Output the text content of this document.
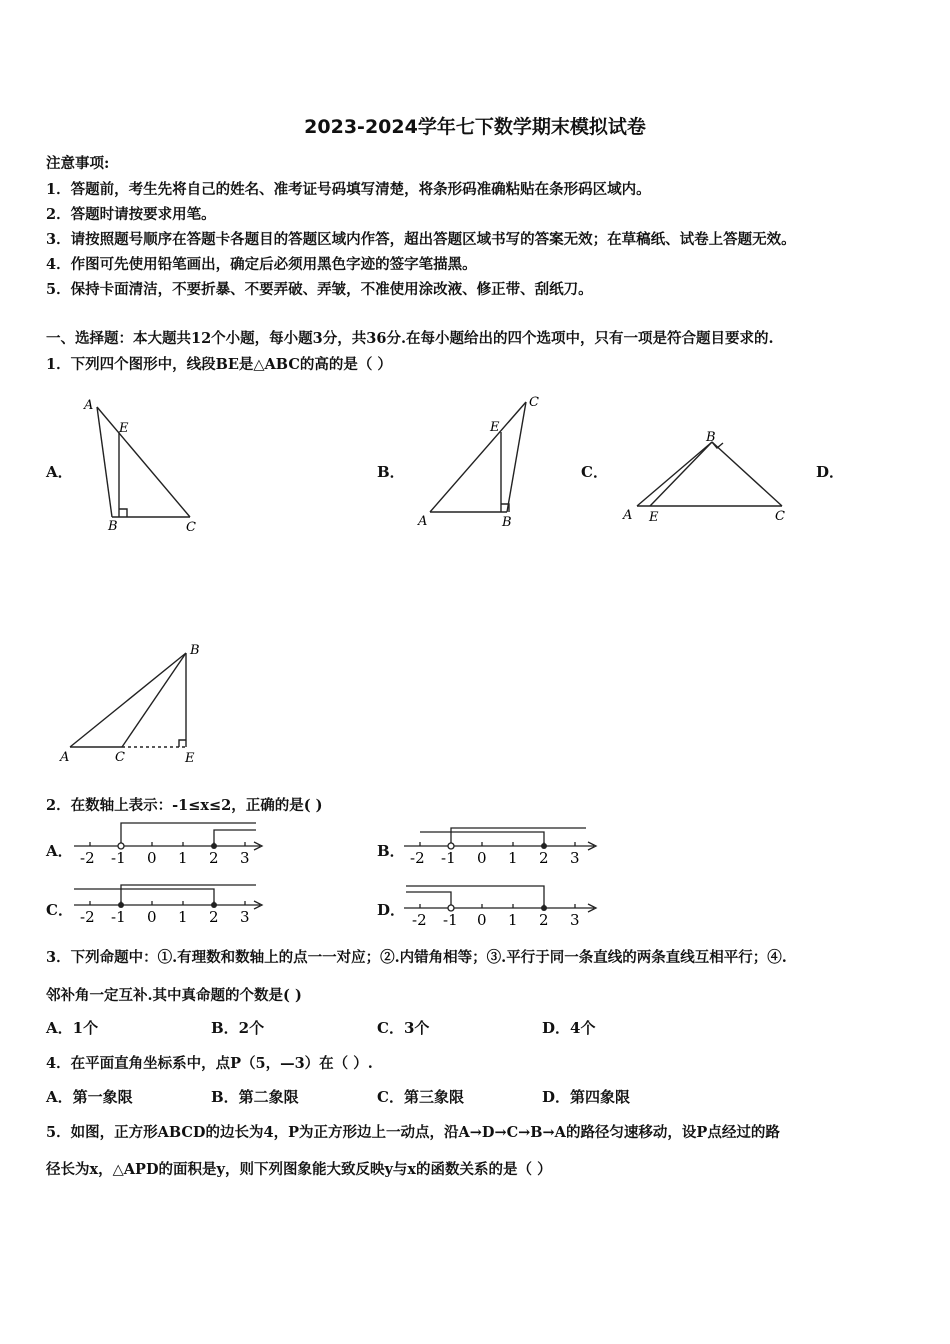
2023-2024学年七下数学期末模拟试卷
注意事项:
1．答题前，考生先将自己的姓名、准考证号码填写清楚，将条形码准确粘贴在条形码区域内。
2．答题时请按要求用笔。
3．请按照题号顺序在答题卡各题目的答题区域内作答，超出答题区域书写的答案无效；在草稿纸、试卷上答题无效。
4．作图可先使用铅笔画出，确定后必须用黑色字迹的签字笔描黑。
5．保持卡面清洁，不要折暴、不要弄破、弄皱，不准使用涂改液、修正带、刮纸刀。
一、选择题：本大题共12个小题，每小题3分，共36分.在每小题给出的四个选项中，只有一项是符合题目要求的.
1．下列四个图形中，线段BE是△ABC的高的是（ ）
A．	B．	C．	D．
A
E
B	C
C
E
A	B
B
A E	C
B
A	C	E
2．在数轴上表示：-1≤x≤2，正确的是( )
A．	B．
C．	D．
-2 -1 0 1 2 3	-2 -1 0 1 2 3
-2 -1 0 1 2 3	-2 -1 0 1 2 3
3．下列命题中：①.有理数和数轴上的点一一对应；②.内错角相等；③.平行于同一条直线的两条直线互相平行；④.
邻补角一定互补.其中真命题的个数是( )
A．1个	B．2个	C．3个	D．4个
4．在平面直角坐标系中，点P（5，—3）在（ ）.
A．第一象限	B．第二象限	C．第三象限	D．第四象限
5．如图，正方形ABCD的边长为4，P为正方形边上一动点，沿A→D→C→B→A的路径匀速移动，设P点经过的路
径长为x，△APD的面积是y，则下列图象能大致反映y与x的函数关系的是（ ）
